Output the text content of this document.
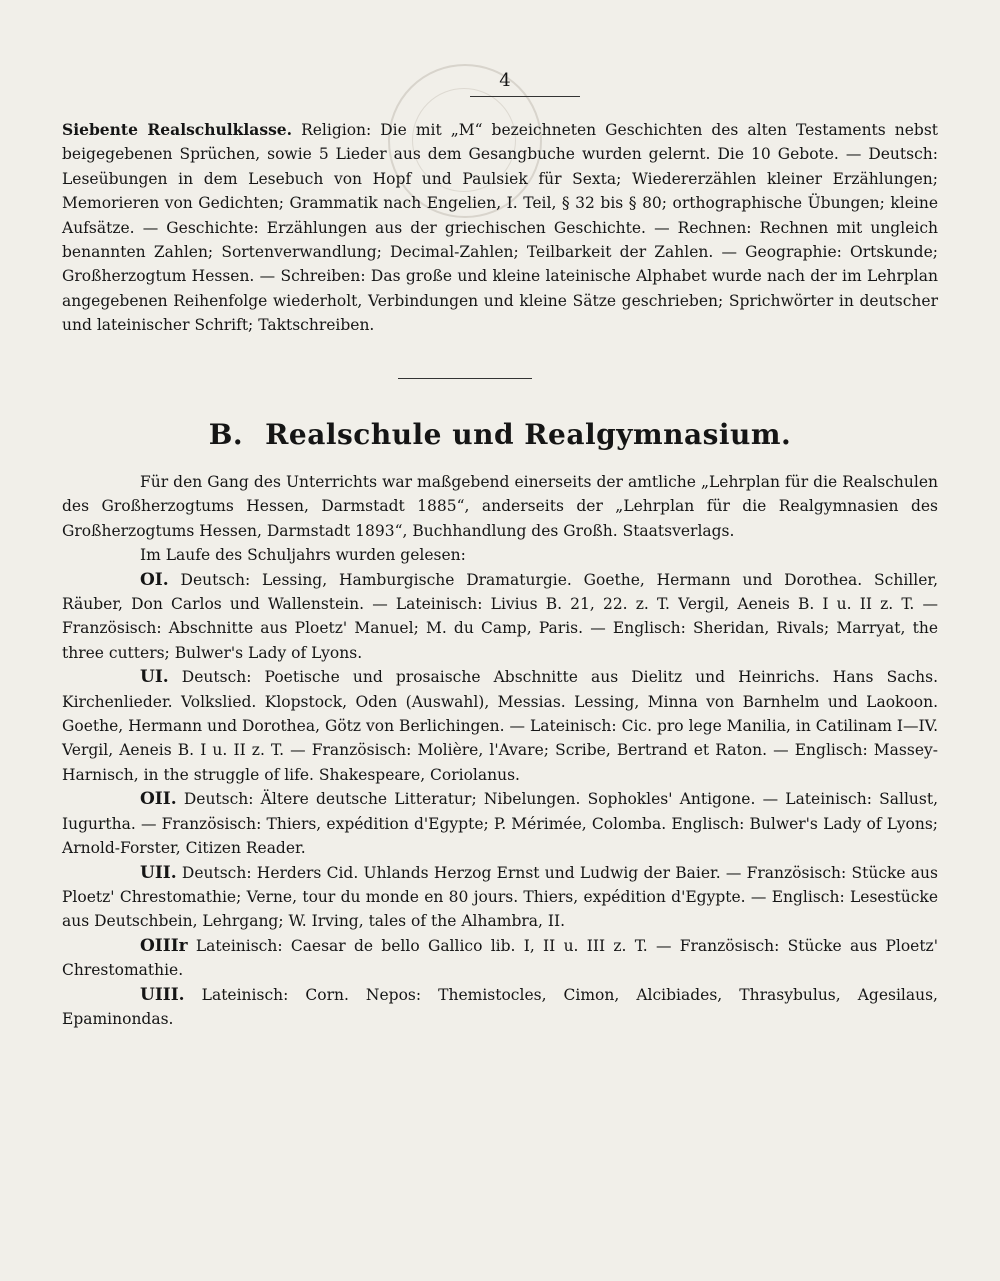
4

Siebente Realschulklasse. Religion: Die mit „M“ bezeichneten Geschichten des alten Testaments nebst beigegebenen Sprüchen, sowie 5 Lieder aus dem Gesangbuche wurden gelernt. Die 10 Gebote. — Deutsch: Leseübungen in dem Lesebuch von Hopf und Paulsiek für Sexta; Wiedererzählen kleiner Erzählungen; Memorieren von Gedichten; Grammatik nach Engelien, I. Teil, § 32 bis § 80; orthographische Übungen; kleine Aufsätze. — Geschichte: Erzählungen aus der griechischen Geschichte. — Rechnen: Rechnen mit ungleich benannten Zahlen; Sortenverwandlung; Decimal-Zahlen; Teilbarkeit der Zahlen. — Geographie: Ortskunde; Großherzogtum Hessen. — Schreiben: Das große und kleine lateinische Alphabet wurde nach der im Lehrplan angegebenen Reihenfolge wiederholt, Verbindungen und kleine Sätze geschrieben; Sprichwörter in deutscher und lateinischer Schrift; Taktschreiben.

B. Realschule und Realgymnasium.

Für den Gang des Unterrichts war maßgebend einerseits der amtliche „Lehrplan für die Realschulen des Großherzogtums Hessen, Darmstadt 1885“, anderseits der „Lehrplan für die Realgymnasien des Großherzogtums Hessen, Darmstadt 1893“, Buchhandlung des Großh. Staatsverlags.

Im Laufe des Schuljahrs wurden gelesen:

OI. Deutsch: Lessing, Hamburgische Dramaturgie. Goethe, Hermann und Dorothea. Schiller, Räuber, Don Carlos und Wallenstein. — Lateinisch: Livius B. 21, 22. z. T. Vergil, Aeneis B. I u. II z. T. — Französisch: Abschnitte aus Ploetz' Manuel; M. du Camp, Paris. — Englisch: Sheridan, Rivals; Marryat, the three cutters; Bulwer's Lady of Lyons.

UI. Deutsch: Poetische und prosaische Abschnitte aus Dielitz und Heinrichs. Hans Sachs. Kirchenlieder. Volkslied. Klopstock, Oden (Auswahl), Messias. Lessing, Minna von Barnhelm und Laokoon. Goethe, Hermann und Dorothea, Götz von Berlichingen. — Lateinisch: Cic. pro lege Manilia, in Catilinam I—IV. Vergil, Aeneis B. I u. II z. T. — Französisch: Molière, l'Avare; Scribe, Bertrand et Raton. — Englisch: Massey-Harnisch, in the struggle of life. Shakespeare, Coriolanus.

OII. Deutsch: Ältere deutsche Litteratur; Nibelungen. Sophokles' Antigone. — Lateinisch: Sallust, Iugurtha. — Französisch: Thiers, expédition d'Egypte; P. Mérimée, Colomba. Englisch: Bulwer's Lady of Lyons; Arnold-Forster, Citizen Reader.

UII. Deutsch: Herders Cid. Uhlands Herzog Ernst und Ludwig der Baier. — Französisch: Stücke aus Ploetz' Chrestomathie; Verne, tour du monde en 80 jours. Thiers, expédition d'Egypte. — Englisch: Lesestücke aus Deutschbein, Lehrgang; W. Irving, tales of the Alhambra, II.

OIIIr Lateinisch: Caesar de bello Gallico lib. I, II u. III z. T. — Französisch: Stücke aus Ploetz' Chrestomathie.

UIII. Lateinisch: Corn. Nepos: Themistocles, Cimon, Alcibiades, Thrasybulus, Agesilaus, Epaminondas.
